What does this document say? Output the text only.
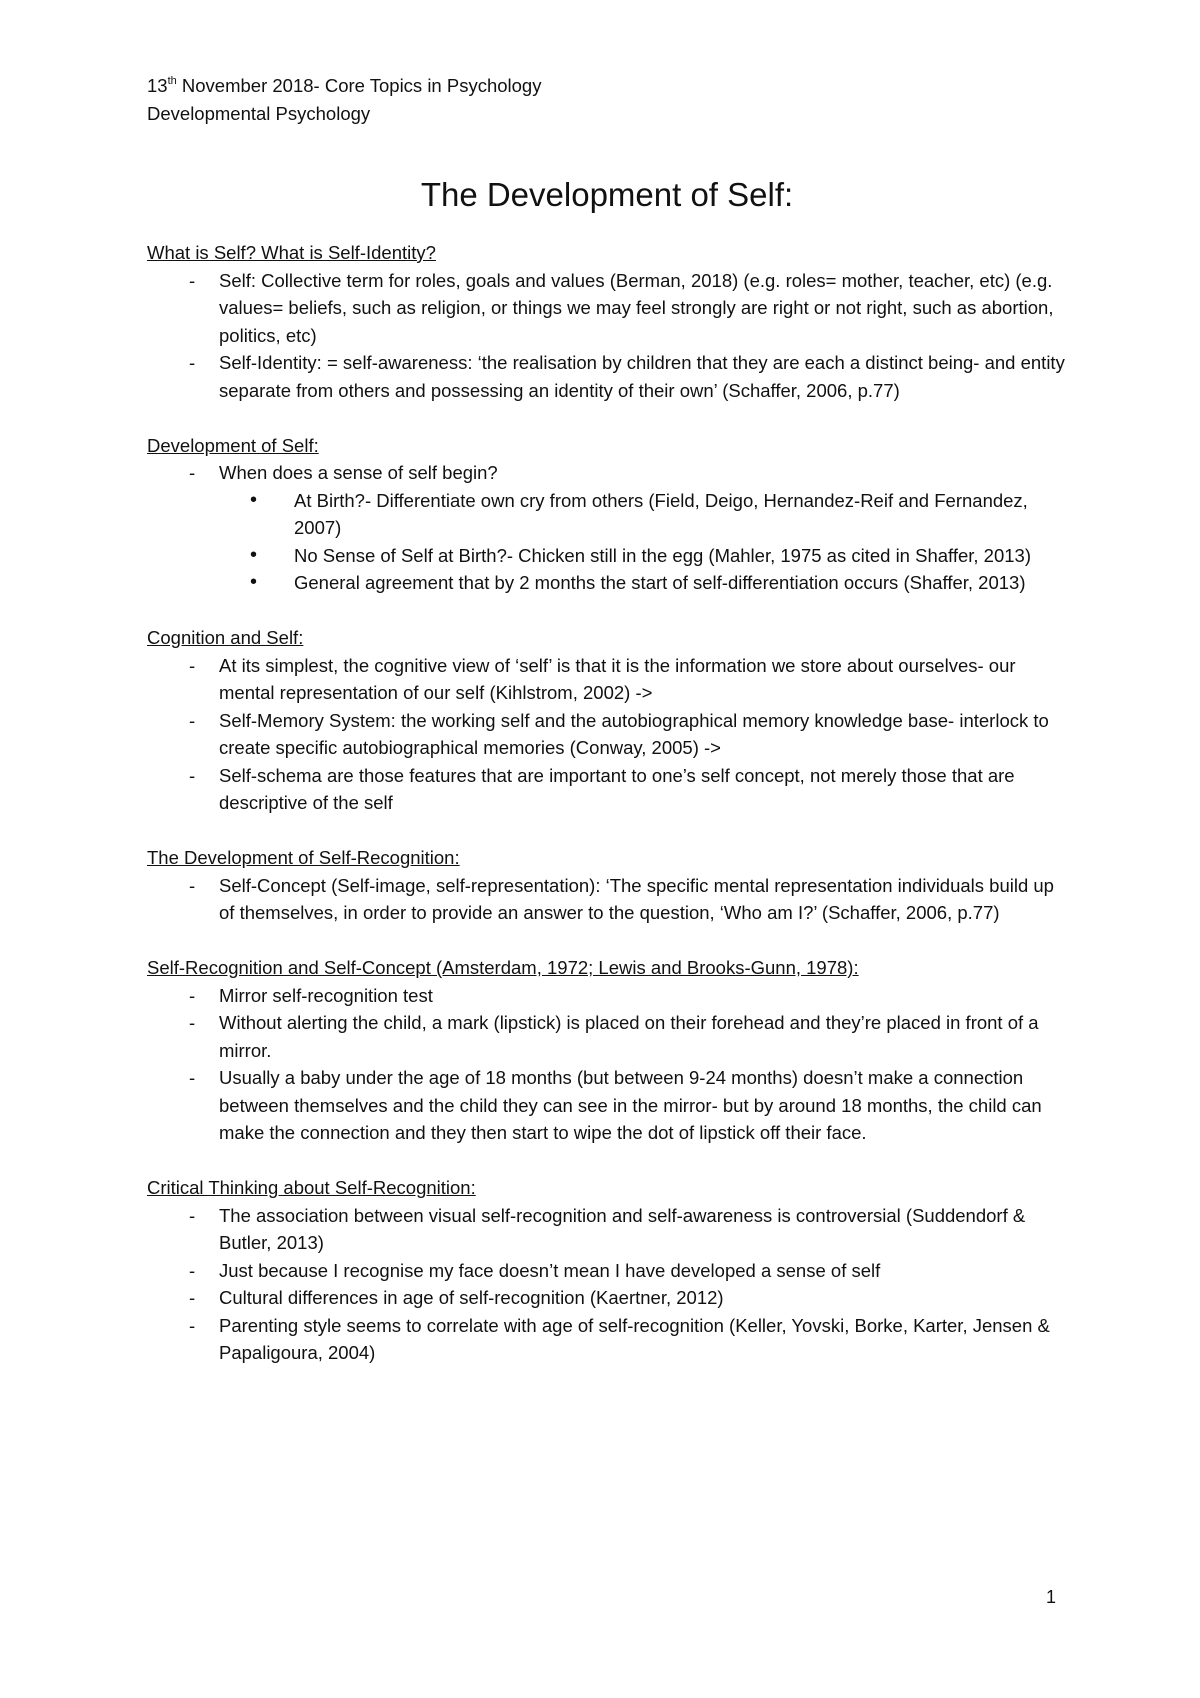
13th November 2018- Core Topics in Psychology

Developmental Psychology

The Development of Self:

What is Self? What is Self-Identity?

- Self: Collective term for roles, goals and values (Berman, 2018) (e.g. roles= mother, teacher, etc) (e.g. values= beliefs, such as religion, or things we may feel strongly are right or not right, such as abortion, politics, etc)
- Self-Identity: = self-awareness: ‘the realisation by children that they are each a distinct being- and entity separate from others and possessing an identity of their own’ (Schaffer, 2006, p.77)

Development of Self:

- When does a sense of self begin?
• At Birth?- Differentiate own cry from others (Field, Deigo, Hernandez-Reif and Fernandez, 2007)
• No Sense of Self at Birth?- Chicken still in the egg (Mahler, 1975 as cited in Shaffer, 2013)
• General agreement that by 2 months the start of self-differentiation occurs (Shaffer, 2013)

Cognition and Self:

- At its simplest, the cognitive view of ‘self’ is that it is the information we store about ourselves- our mental representation of our self (Kihlstrom, 2002) ->
- Self-Memory System: the working self and the autobiographical memory knowledge base- interlock to create specific autobiographical memories (Conway, 2005) ->
- Self-schema are those features that are important to one’s self concept, not merely those that are descriptive of the self

The Development of Self-Recognition:

- Self-Concept (Self-image, self-representation): ‘The specific mental representation individuals build up of themselves, in order to provide an answer to the question, ‘Who am I?’ (Schaffer, 2006, p.77)

Self-Recognition and Self-Concept (Amsterdam, 1972; Lewis and Brooks-Gunn, 1978):

- Mirror self-recognition test
- Without alerting the child, a mark (lipstick) is placed on their forehead and they’re placed in front of a mirror.
- Usually a baby under the age of 18 months (but between 9-24 months) doesn’t make a connection between themselves and the child they can see in the mirror- but by around 18 months, the child can make the connection and they then start to wipe the dot of lipstick off their face.

Critical Thinking about Self-Recognition:

- The association between visual self-recognition and self-awareness is controversial (Suddendorf & Butler, 2013)
- Just because I recognise my face doesn’t mean I have developed a sense of self
- Cultural differences in age of self-recognition (Kaertner, 2012)
- Parenting style seems to correlate with age of self-recognition (Keller, Yovski, Borke, Karter, Jensen & Papaligoura, 2004)
1
